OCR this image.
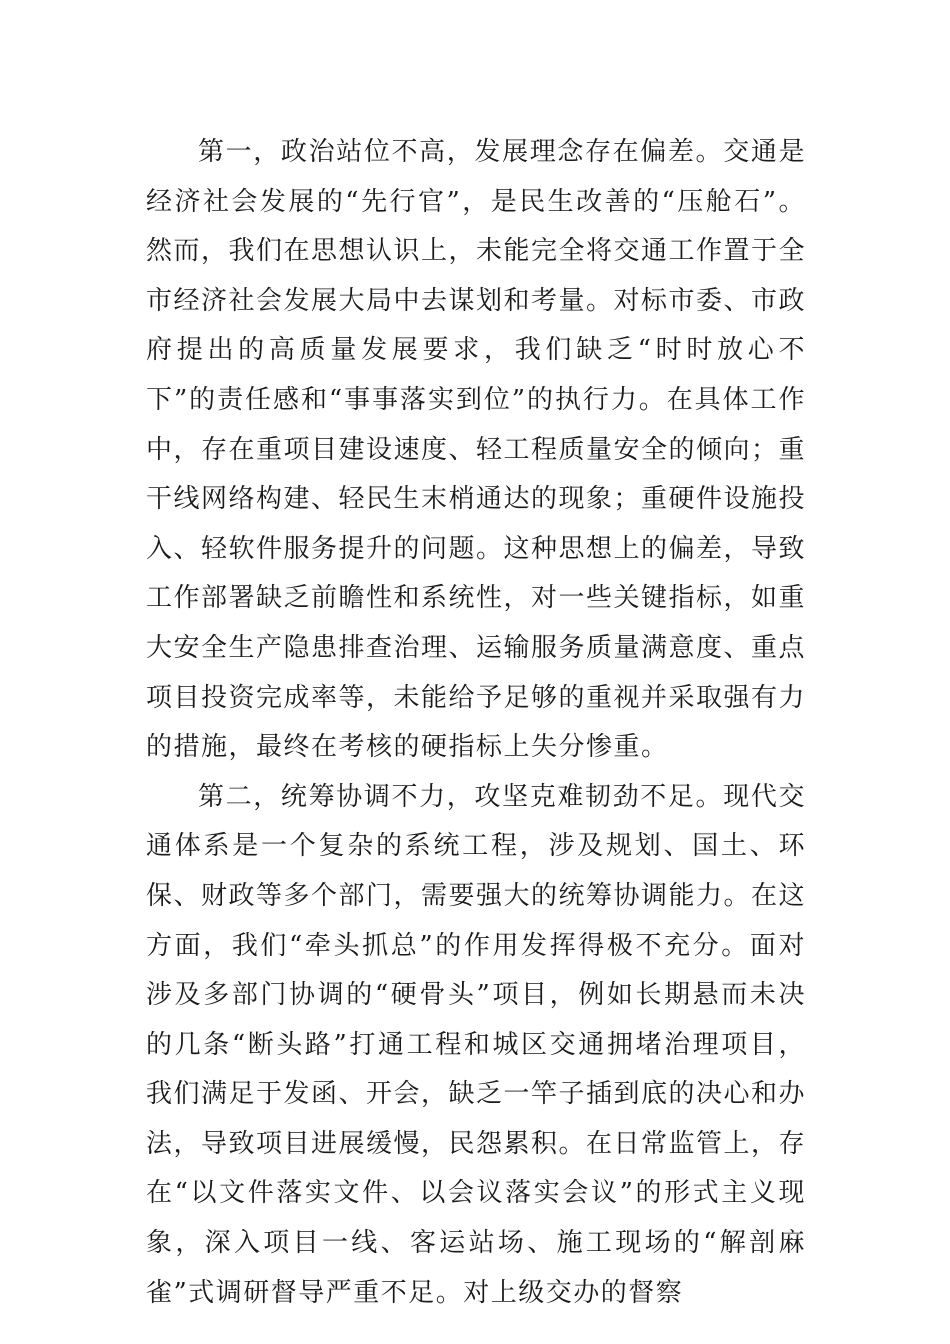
第一，政治站位不高，发展理念存在偏差。交通是经济社会发展的“先行官”，是民生改善的“压舱石”。然而，我们在思想认识上，未能完全将交通工作置于全市经济社会发展大局中去谋划和考量。对标市委、市政府提出的高质量发展要求，我们缺乏“时时放心不下”的责任感和“事事落实到位”的执行力。在具体工作中，存在重项目建设速度、轻工程质量安全的倾向；重干线网络构建、轻民生末梢通达的现象；重硬件设施投入、轻软件服务提升的问题。这种思想上的偏差，导致工作部署缺乏前瞻性和系统性，对一些关键指标，如重大安全生产隐患排查治理、运输服务质量满意度、重点项目投资完成率等，未能给予足够的重视并采取强有力的措施，最终在考核的硬指标上失分惨重。

第二，统筹协调不力，攻坚克难韧劲不足。现代交通体系是一个复杂的系统工程，涉及规划、国土、环保、财政等多个部门，需要强大的统筹协调能力。在这方面，我们“牵头抓总”的作用发挥得极不充分。面对涉及多部门协调的“硬骨头”项目，例如长期悬而未决的几条“断头路”打通工程和城区交通拥堵治理项目，我们满足于发函、开会，缺乏一竿子插到底的决心和办法，导致项目进展缓慢，民怨累积。在日常监管上，存在“以文件落实文件、以会议落实会议”的形式主义现象，深入项目一线、客运站场、施工现场的“解剖麻雀”式调研督导严重不足。对上级交办的督察
